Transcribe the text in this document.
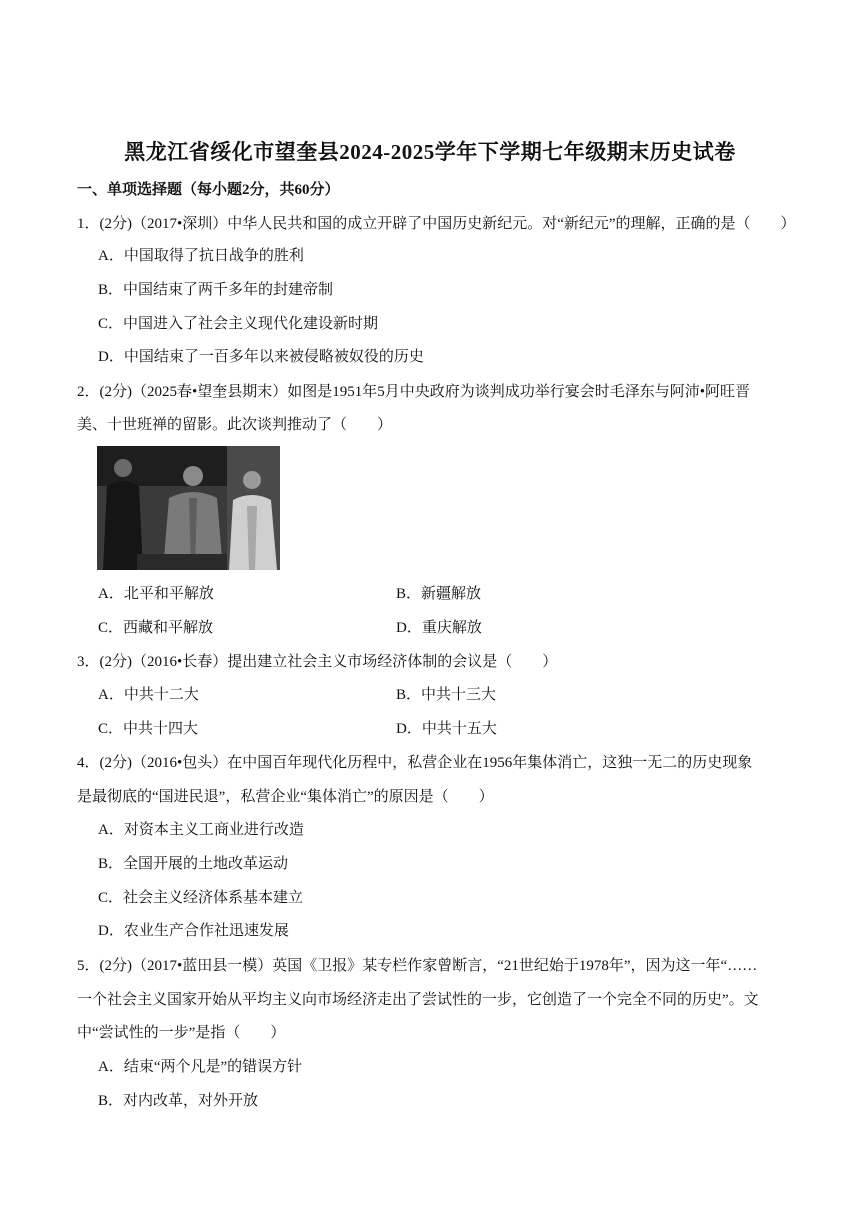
黑龙江省绥化市望奎县2024-2025学年下学期七年级期末历史试卷
一、单项选择题（每小题2分，共60分）
1．(2分)（2017•深圳）中华人民共和国的成立开辟了中国历史新纪元。对“新纪元”的理解，正确的是（　　）
A．中国取得了抗日战争的胜利
B．中国结束了两千多年的封建帝制
C．中国进入了社会主义现代化建设新时期
D．中国结束了一百多年以来被侵略被奴役的历史
2．(2分)（2025春•望奎县期末）如图是1951年5月中央政府为谈判成功举行宴会时毛泽东与阿沛•阿旺晋
美、十世班禅的留影。此次谈判推动了（　　）
A．北平和平解放	B．新疆解放
C．西藏和平解放	D．重庆解放
3．(2分)（2016•长春）提出建立社会主义市场经济体制的会议是（　　）
A．中共十二大	B．中共十三大
C．中共十四大	D．中共十五大
4．(2分)（2016•包头）在中国百年现代化历程中，私营企业在1956年集体消亡，这独一无二的历史现象
是最彻底的“国进民退”，私营企业“集体消亡”的原因是（　　）
A．对资本主义工商业进行改造
B．全国开展的土地改革运动
C．社会主义经济体系基本建立
D．农业生产合作社迅速发展
5．(2分)（2017•蓝田县一模）英国《卫报》某专栏作家曾断言，“21世纪始于1978年”，因为这一年“……
一个社会主义国家开始从平均主义向市场经济走出了尝试性的一步，它创造了一个完全不同的历史”。文
中“尝试性的一步”是指（　　）
A．结束“两个凡是”的错误方针
B．对内改革，对外开放
